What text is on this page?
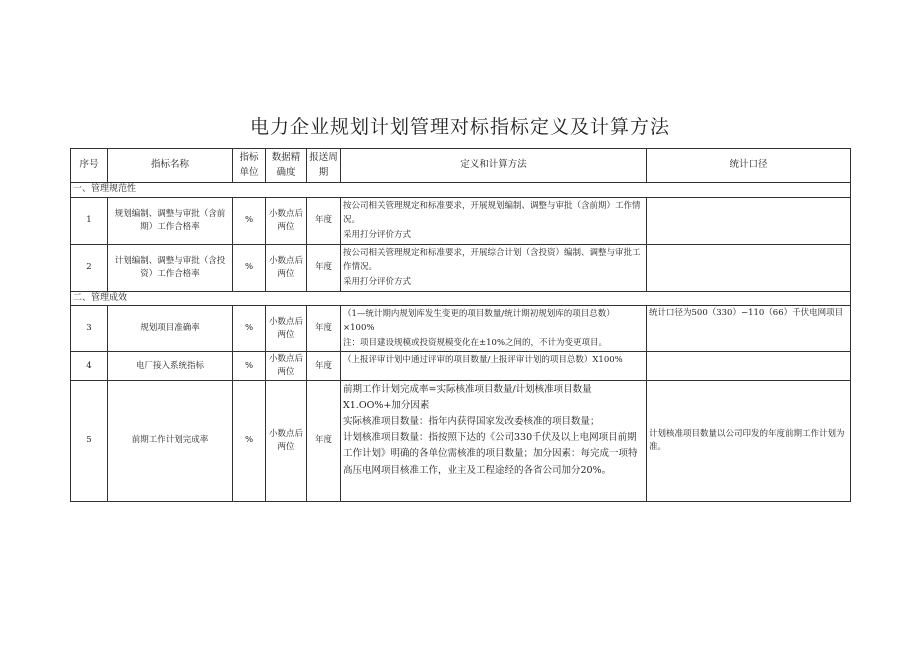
电力企业规划计划管理对标指标定义及计算方法
序号	指标名称	指标单位	数据精确度	报送周期	定义和计算方法	统计口径
一、管理规范性						
1	规划编制、调整与审批（含前期）工作合格率	%	小数点后两位	年度	按公司相关管理规定和标准要求，开展规划编制、调整与审批（含前期）工作情况。
采用打分评价方式	

2	计划编制、调整与审批（含投资）工作合格率	%	小数点后两位	年度	按公司相关管理规定和标准要求，开展综合计划（含投资）编制、调整与审批工作情况。
采用打分评价方式	

二、管理成效						
3	规划项目准确率	%	小数点后两位	年度	（1—统计期内规划库发生变更的项目数量/统计期初规划库的项目总数）×100%
注：项目建设规模或投资规模变化在±10%之间的，不计为变更项目。	统计口径为500（330）−110（66）千伏电网项目
4	电厂接入系统指标	%	小数点后两位	年度	（上报评审计划中通过评审的项目数量/上报评审计划的项目总数）X100%	

5	前期工作计划完成率	%	小数点后两位	年度	前期工作计划完成率=实际核准项目数量/计划核准项目数量X1.OO%+加分因素
实际核准项目数量：指年内获得国家发改委核准的项目数量；
计划核准项目数量：指按照下达的《公司330千伏及以上电网项目前期工作计划》明确的各单位需核准的项目数量；加分因素：每完成一项特高压电网项目核准工作，业主及工程途经的各省公司加分20%。	计划核准项目数量以公司印发的年度前期工作计划为准。
